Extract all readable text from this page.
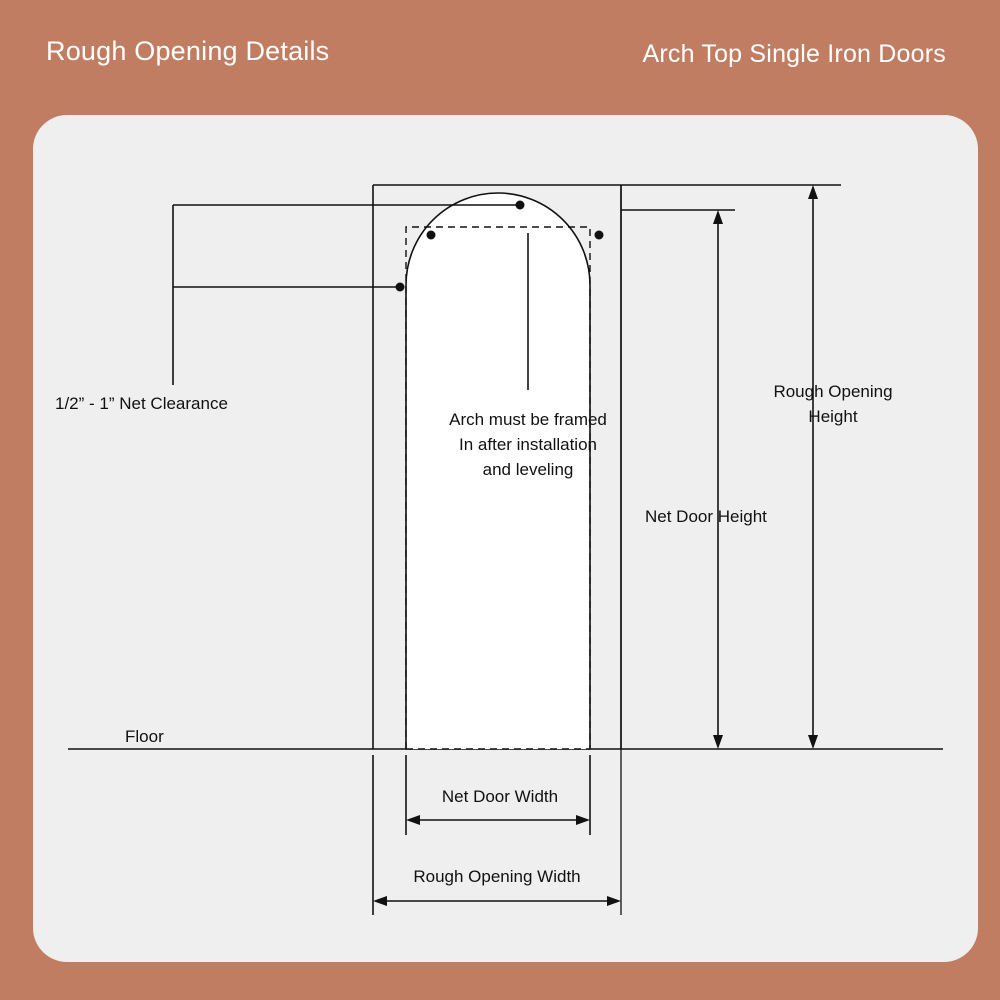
Rough Opening Details	Arch Top Single Iron Doors
1/2” - 1” Net Clearance
Arch must be framed
In after installation
and leveling
Rough Opening
Height
Net Door Height
Floor
Net Door Width
Rough Opening Width
